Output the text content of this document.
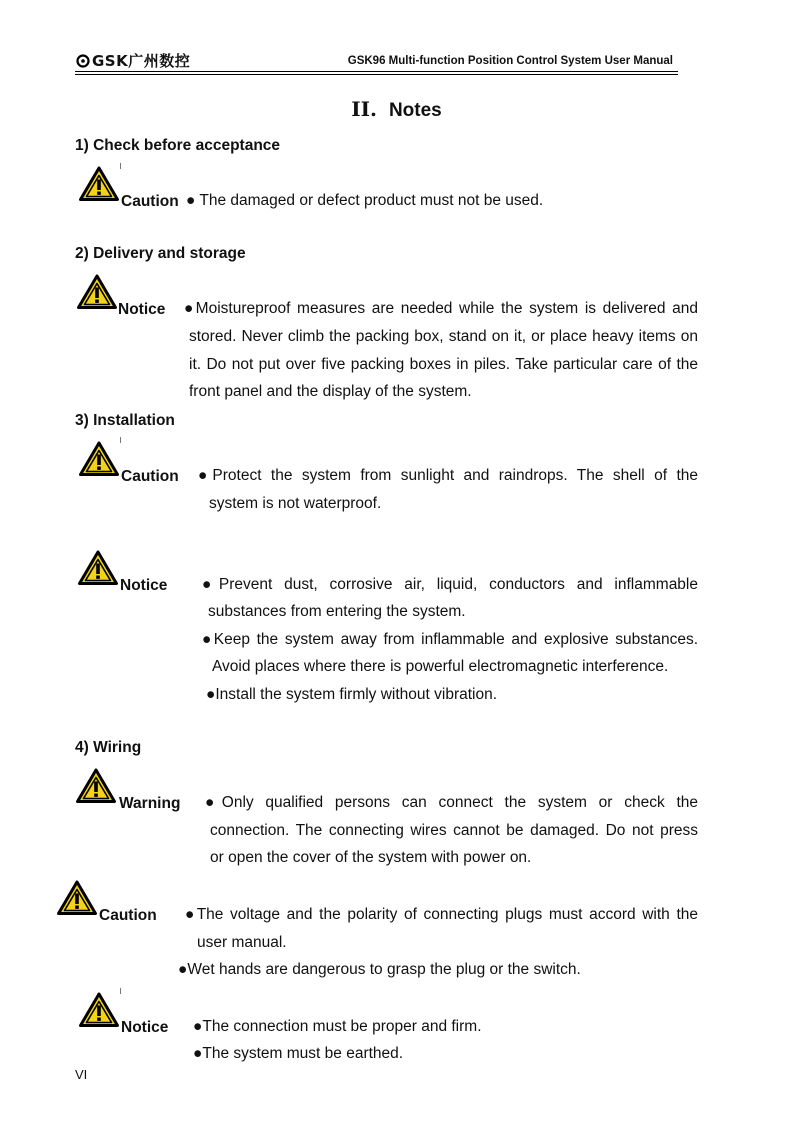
GSK广州数控	GSK96 Multi-function Position Control System User Manual
II. Notes
1) Check before acceptance
Caution ● The damaged or defect product must not be used.
2) Delivery and storage
Notice ●Moistureproof measures are needed while the system is delivered and
stored. Never climb the packing box, stand on it, or place heavy items on
it. Do not put over five packing boxes in piles. Take particular care of the
front panel and the display of the system.
3) Installation
Caution ●Protect the system from sunlight and raindrops. The shell of the
system is not waterproof.
Notice ●Prevent dust, corrosive air, liquid, conductors and inflammable
substances from entering the system.
●Keep the system away from inflammable and explosive substances.
Avoid places where there is powerful electromagnetic interference.
●Install the system firmly without vibration.
4) Wiring
Warning ●Only qualified persons can connect the system or check the
connection. The connecting wires cannot be damaged. Do not press
or open the cover of the system with power on.
Caution ●The voltage and the polarity of connecting plugs must accord with the
user manual.
●Wet hands are dangerous to grasp the plug or the switch.
Notice ●The connection must be proper and firm.
●The system must be earthed.
VI
